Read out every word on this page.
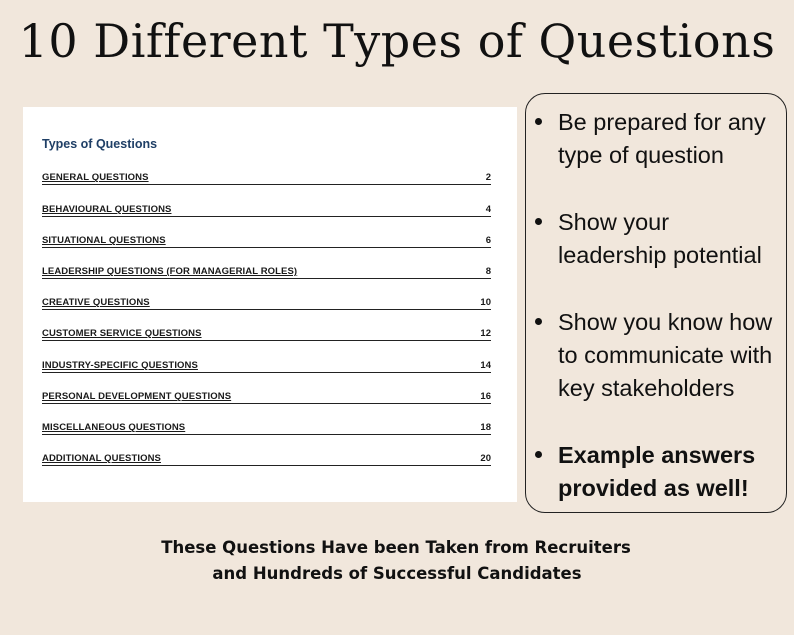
10 Different Types of Questions
Types of Questions
GENERAL QUESTIONS	2
BEHAVIOURAL QUESTIONS	4
SITUATIONAL QUESTIONS	6
LEADERSHIP QUESTIONS (FOR MANAGERIAL ROLES)	8
CREATIVE QUESTIONS	10
CUSTOMER SERVICE QUESTIONS	12
INDUSTRY-SPECIFIC QUESTIONS	14
PERSONAL DEVELOPMENT QUESTIONS	16
MISCELLANEOUS QUESTIONS	18
ADDITIONAL QUESTIONS	20
Be prepared for any
type of question
Show your
leadership potential
Show you know how
to communicate with
key stakeholders
Example answers
provided as well!
These Questions Have been Taken from Recruiters
and Hundreds of Successful Candidates
